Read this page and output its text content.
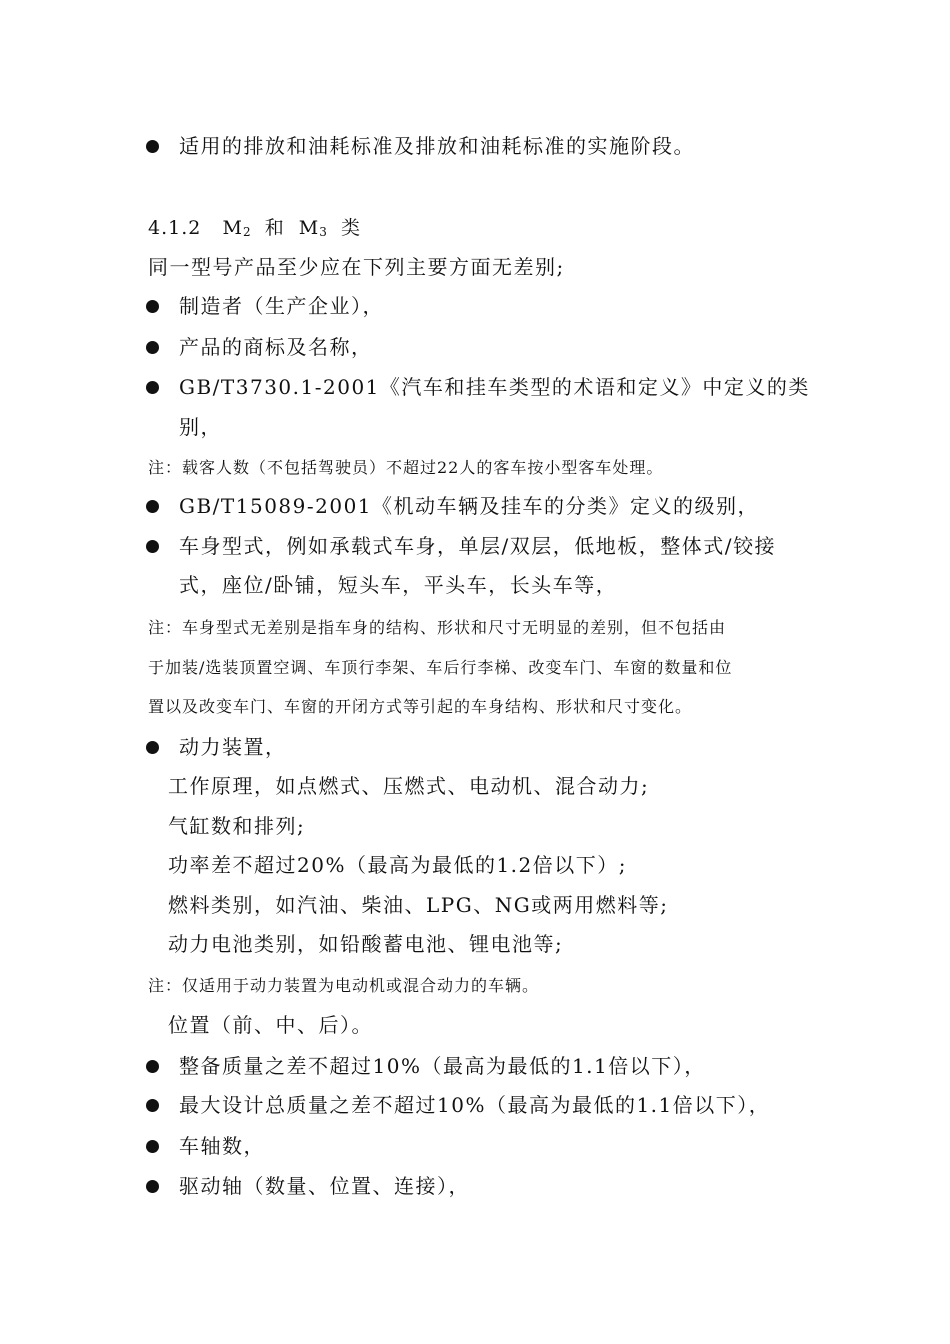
适用的排放和油耗标准及排放和油耗标准的实施阶段。
4.1.2 $M_2$ 和 $M_3$ 类
同一型号产品至少应在下列主要方面无差别;
制造者（生产企业），
产品的商标及名称，
GB/T3730.1-2001《汽车和挂车类型的术语和定义》中定义的类
别，
注：载客人数（不包括驾驶员）不超过22人的客车按小型客车处理。
GB/T15089-2001《机动车辆及挂车的分类》定义的级别，
车身型式，例如承载式车身，单层/双层，低地板，整体式/铰接
式，座位/卧铺，短头车，平头车，长头车等，
注：车身型式无差别是指车身的结构、形状和尺寸无明显的差别，但不包括由
于加装/选装顶置空调、车顶行李架、车后行李梯、改变车门、车窗的数量和位
置以及改变车门、车窗的开闭方式等引起的车身结构、形状和尺寸变化。
动力装置，
工作原理，如点燃式、压燃式、电动机、混合动力;
气缸数和排列;
功率差不超过20%（最高为最低的1.2倍以下）;
燃料类别，如汽油、柴油、LPG、NG或两用燃料等;
动力电池类别，如铅酸蓄电池、锂电池等;
注：仅适用于动力装置为电动机或混合动力的车辆。
位置（前、中、后）。
整备质量之差不超过10%（最高为最低的1.1倍以下），
最大设计总质量之差不超过10%（最高为最低的1.1倍以下），
车轴数，
驱动轴（数量、位置、连接），
